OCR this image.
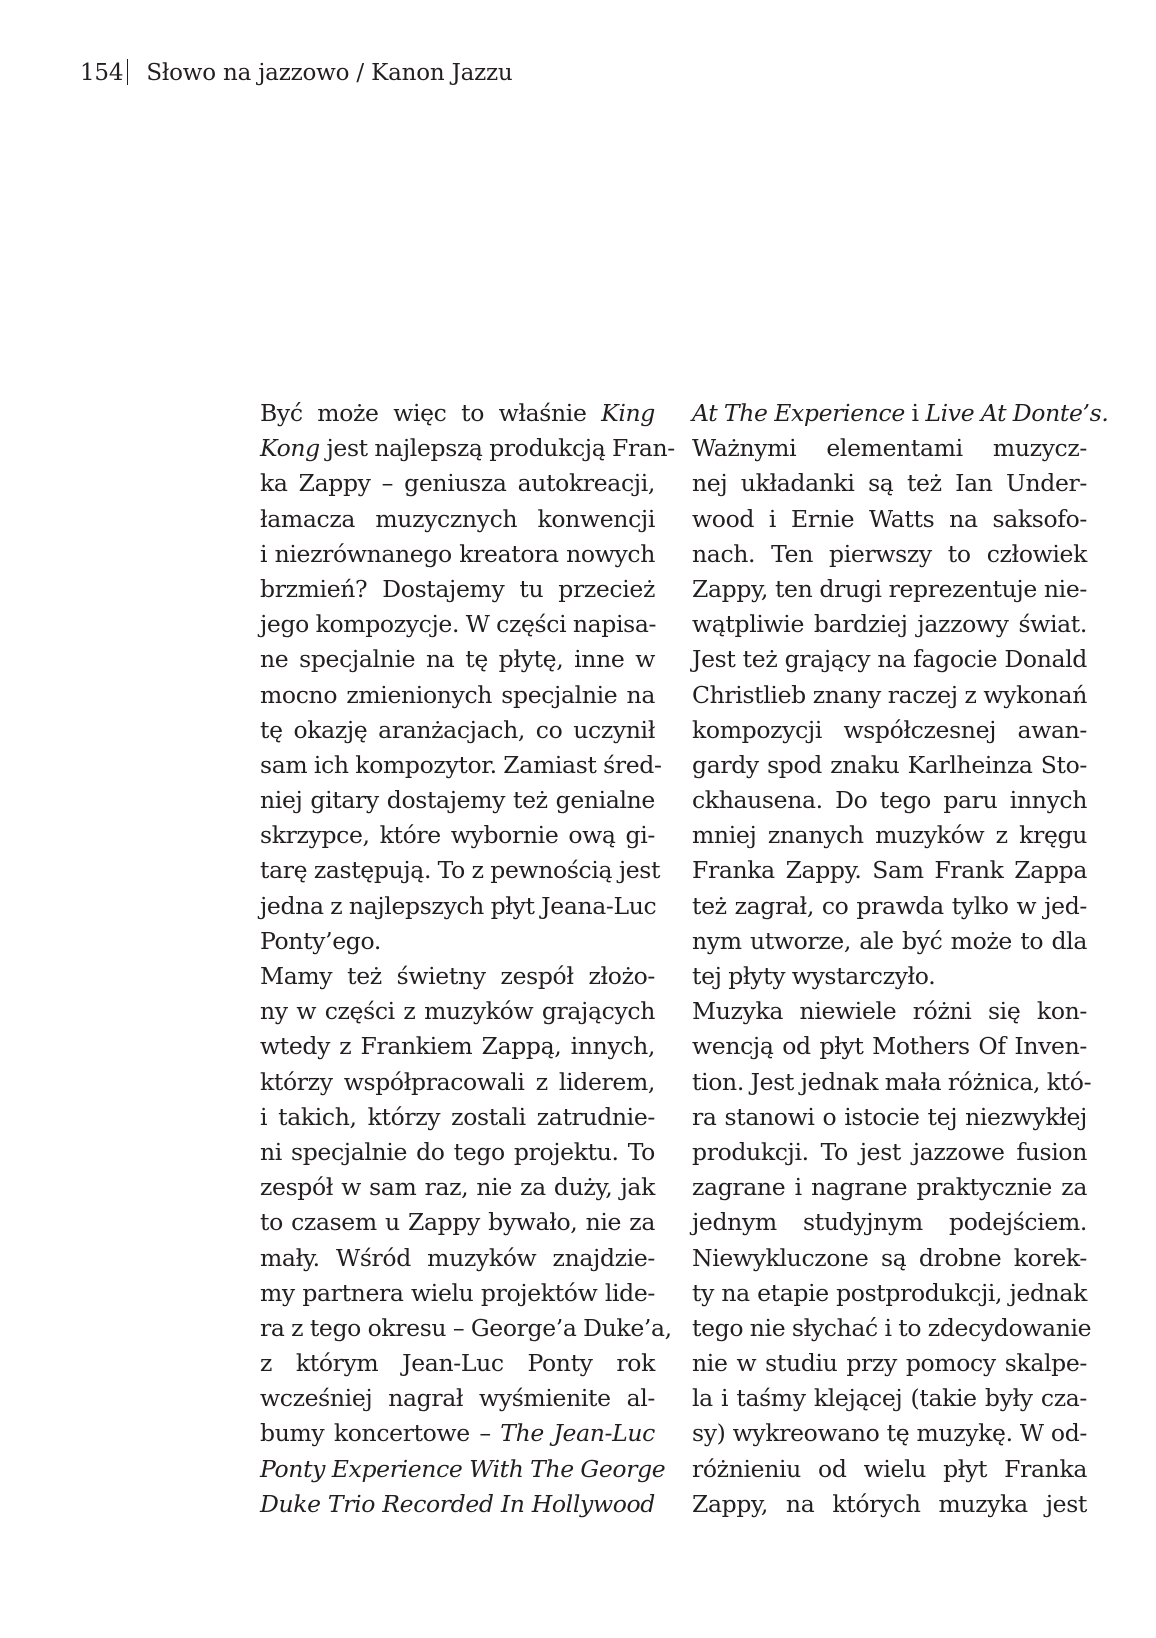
154 Słowo na jazzowo / Kanon Jazzu
Być może więc to właśnie King
Kong jest najlepszą produkcją Fran-
ka Zappy – geniusza autokreacji,
łamacza muzycznych konwencji
i niezrównanego kreatora nowych
brzmień? Dostajemy tu przecież
jego kompozycje. W części napisa-
ne specjalnie na tę płytę, inne w
mocno zmienionych specjalnie na
tę okazję aranżacjach, co uczynił
sam ich kompozytor. Zamiast śred-
niej gitary dostajemy też genialne
skrzypce, które wybornie ową gi-
tarę zastępują. To z pewnością jest
jedna z najlepszych płyt Jeana-Luc
Ponty’ego.
Mamy też świetny zespół złożo-
ny w części z muzyków grających
wtedy z Frankiem Zappą, innych,
którzy współpracowali z liderem,
i takich, którzy zostali zatrudnie-
ni specjalnie do tego projektu. To
zespół w sam raz, nie za duży, jak
to czasem u Zappy bywało, nie za
mały. Wśród muzyków znajdzie-
my partnera wielu projektów lide-
ra z tego okresu – George’a Duke’a,
z którym Jean-Luc Ponty rok
wcześniej nagrał wyśmienite al-
bumy koncertowe – The Jean-Luc
Ponty Experience With The George
Duke Trio Recorded In Hollywood
At The Experience i Live At Donte’s.
Ważnymi elementami muzycz-
nej układanki są też Ian Under-
wood i Ernie Watts na saksofo-
nach. Ten pierwszy to człowiek
Zappy, ten drugi reprezentuje nie-
wątpliwie bardziej jazzowy świat.
Jest też grający na fagocie Donald
Christlieb znany raczej z wykonań
kompozycji współczesnej awan-
gardy spod znaku Karlheinza Sto-
ckhausena. Do tego paru innych
mniej znanych muzyków z kręgu
Franka Zappy. Sam Frank Zappa
też zagrał, co prawda tylko w jed-
nym utworze, ale być może to dla
tej płyty wystarczyło.
Muzyka niewiele różni się kon-
wencją od płyt Mothers Of Inven-
tion. Jest jednak mała różnica, któ-
ra stanowi o istocie tej niezwykłej
produkcji. To jest jazzowe fusion
zagrane i nagrane praktycznie za
jednym studyjnym podejściem.
Niewykluczone są drobne korek-
ty na etapie postprodukcji, jednak
tego nie słychać i to zdecydowanie
nie w studiu przy pomocy skalpe-
la i taśmy klejącej (takie były cza-
sy) wykreowano tę muzykę. W od-
różnieniu od wielu płyt Franka
Zappy, na których muzyka jest
